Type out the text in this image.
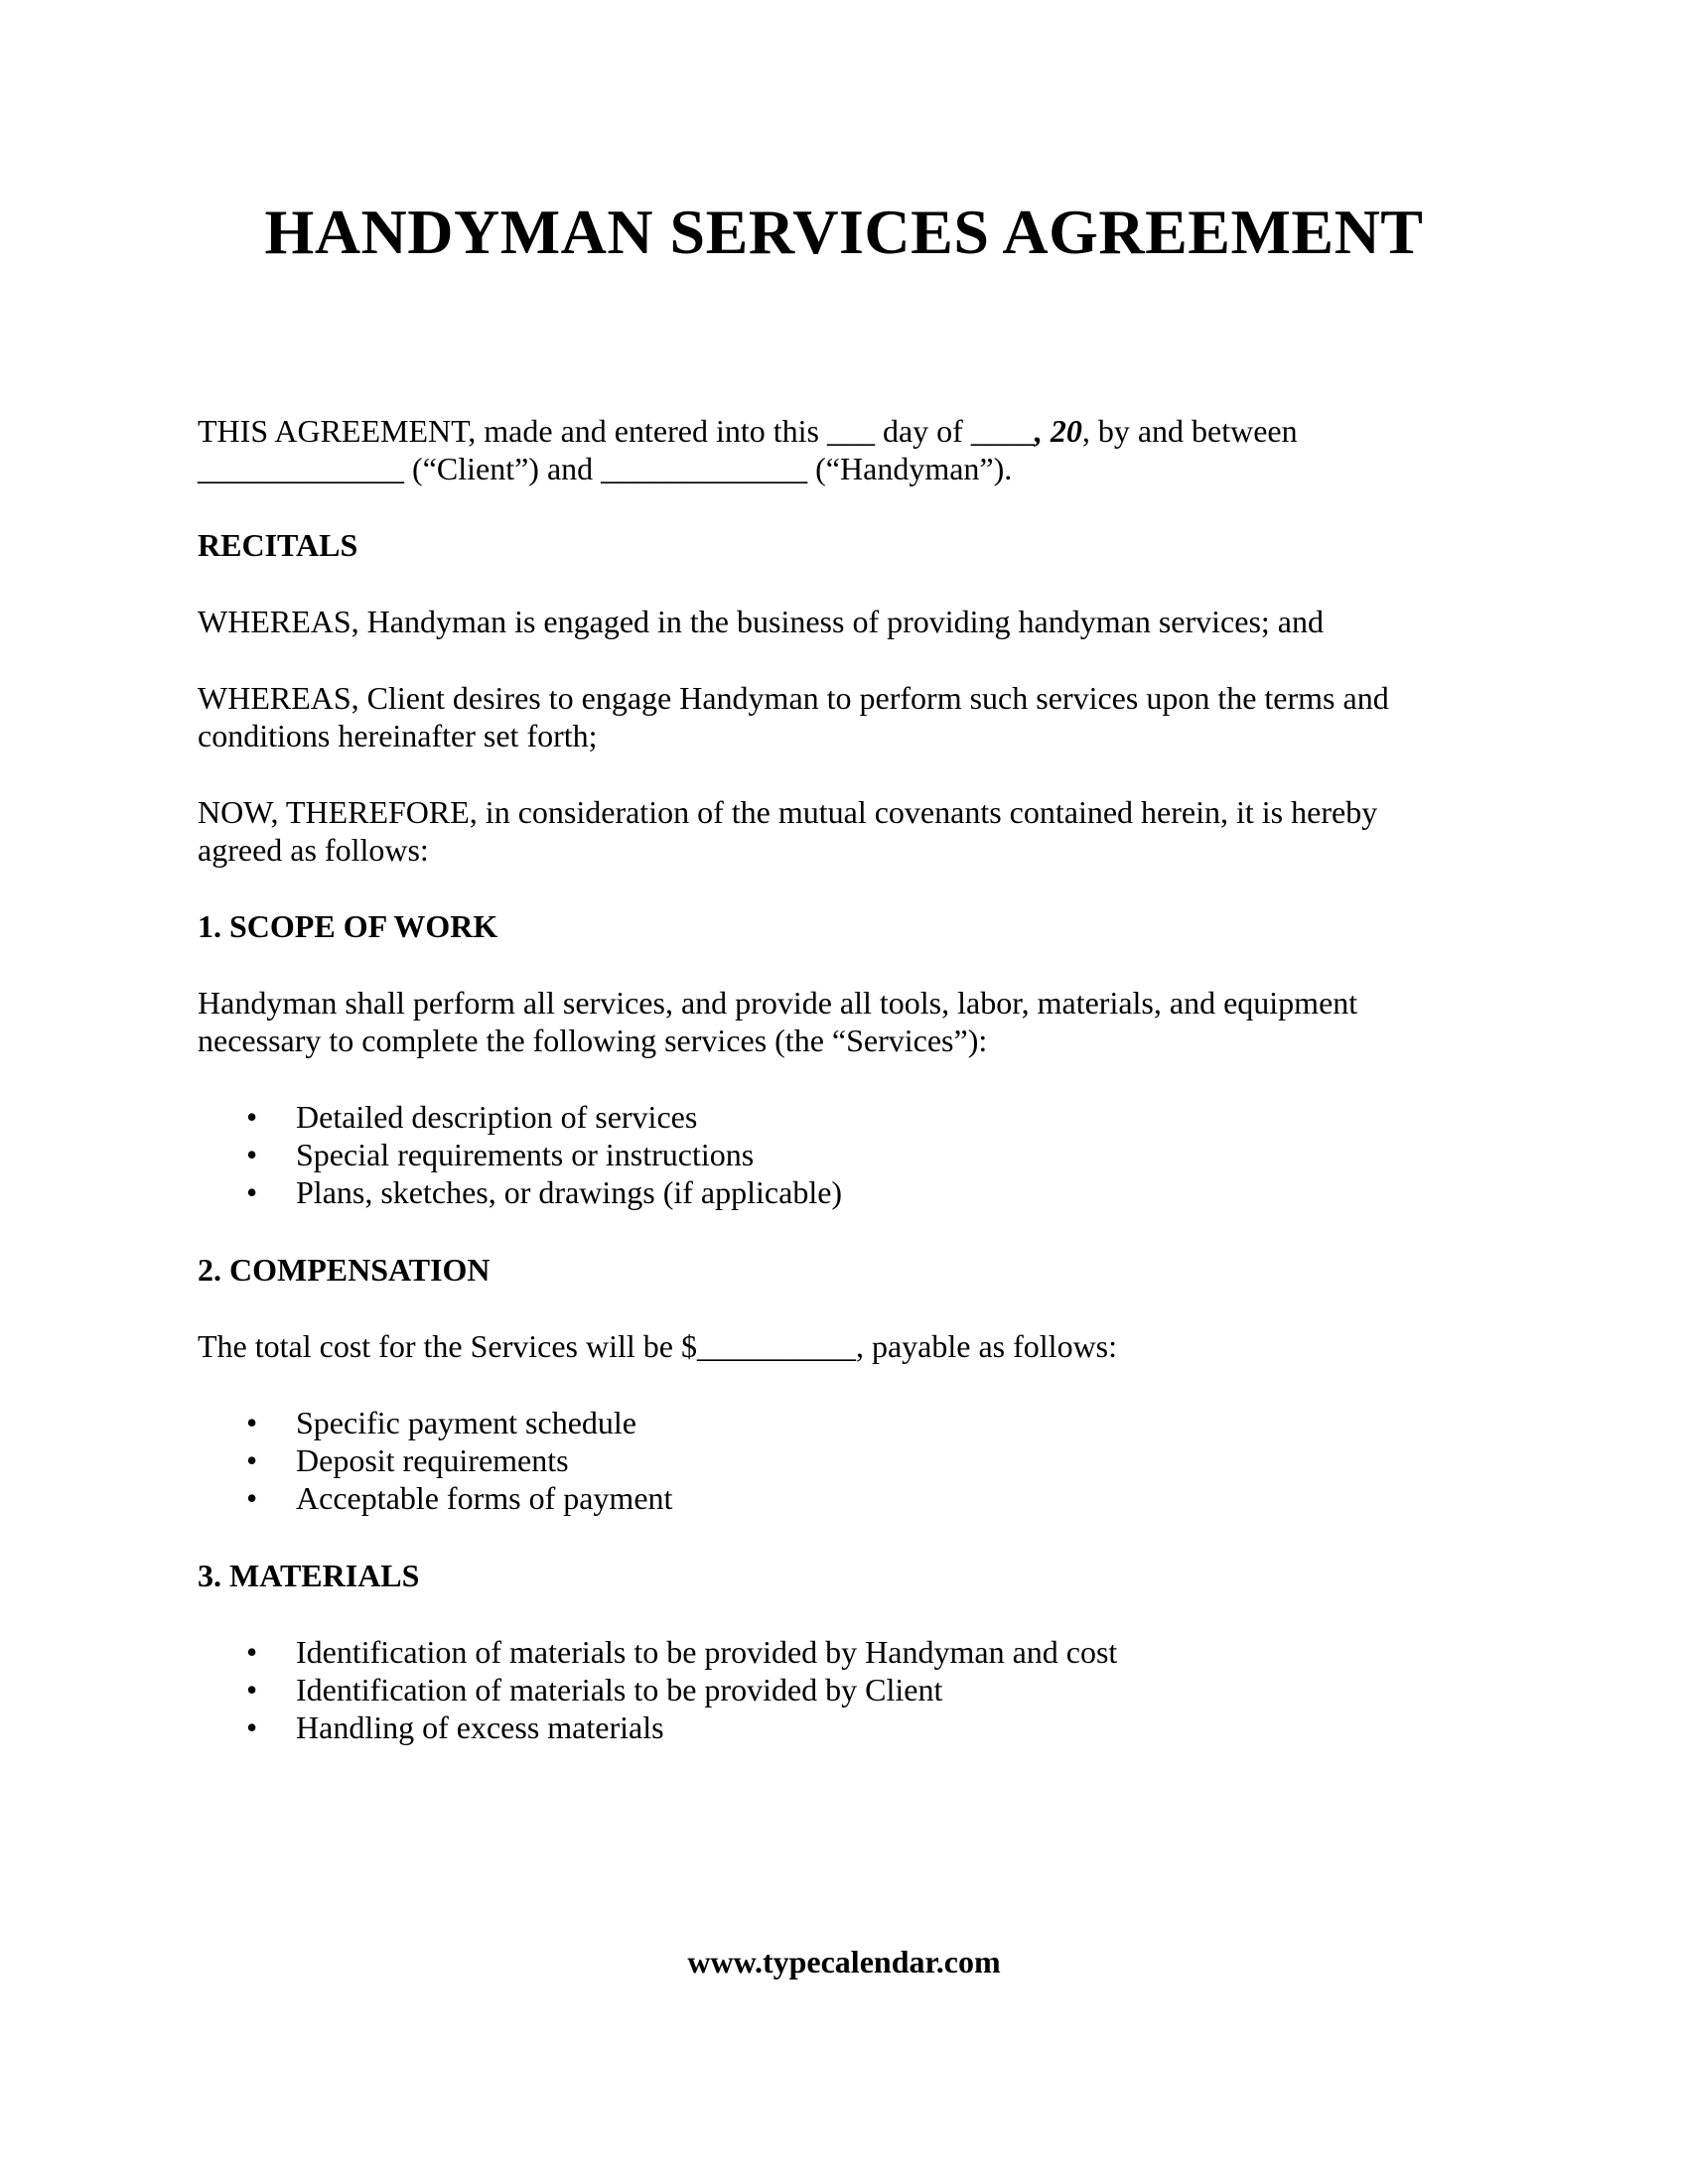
HANDYMAN SERVICES AGREEMENT

THIS AGREEMENT, made and entered into this ___ day of ____, 20, by and between

_____________ (“Client”) and _____________ (“Handyman”).

RECITALS

WHEREAS, Handyman is engaged in the business of providing handyman services; and

WHEREAS, Client desires to engage Handyman to perform such services upon the terms and

conditions hereinafter set forth;

NOW, THEREFORE, in consideration of the mutual covenants contained herein, it is hereby

agreed as follows:

1. SCOPE OF WORK

Handyman shall perform all services, and provide all tools, labor, materials, and equipment

necessary to complete the following services (the “Services”):

• Detailed description of services
• Special requirements or instructions
• Plans, sketches, or drawings (if applicable)
2. COMPENSATION

The total cost for the Services will be $__________, payable as follows:

• Specific payment schedule
• Deposit requirements
• Acceptable forms of payment
3. MATERIALS
• Identification of materials to be provided by Handyman and cost
• Identification of materials to be provided by Client
• Handling of excess materials

www.typecalendar.com
